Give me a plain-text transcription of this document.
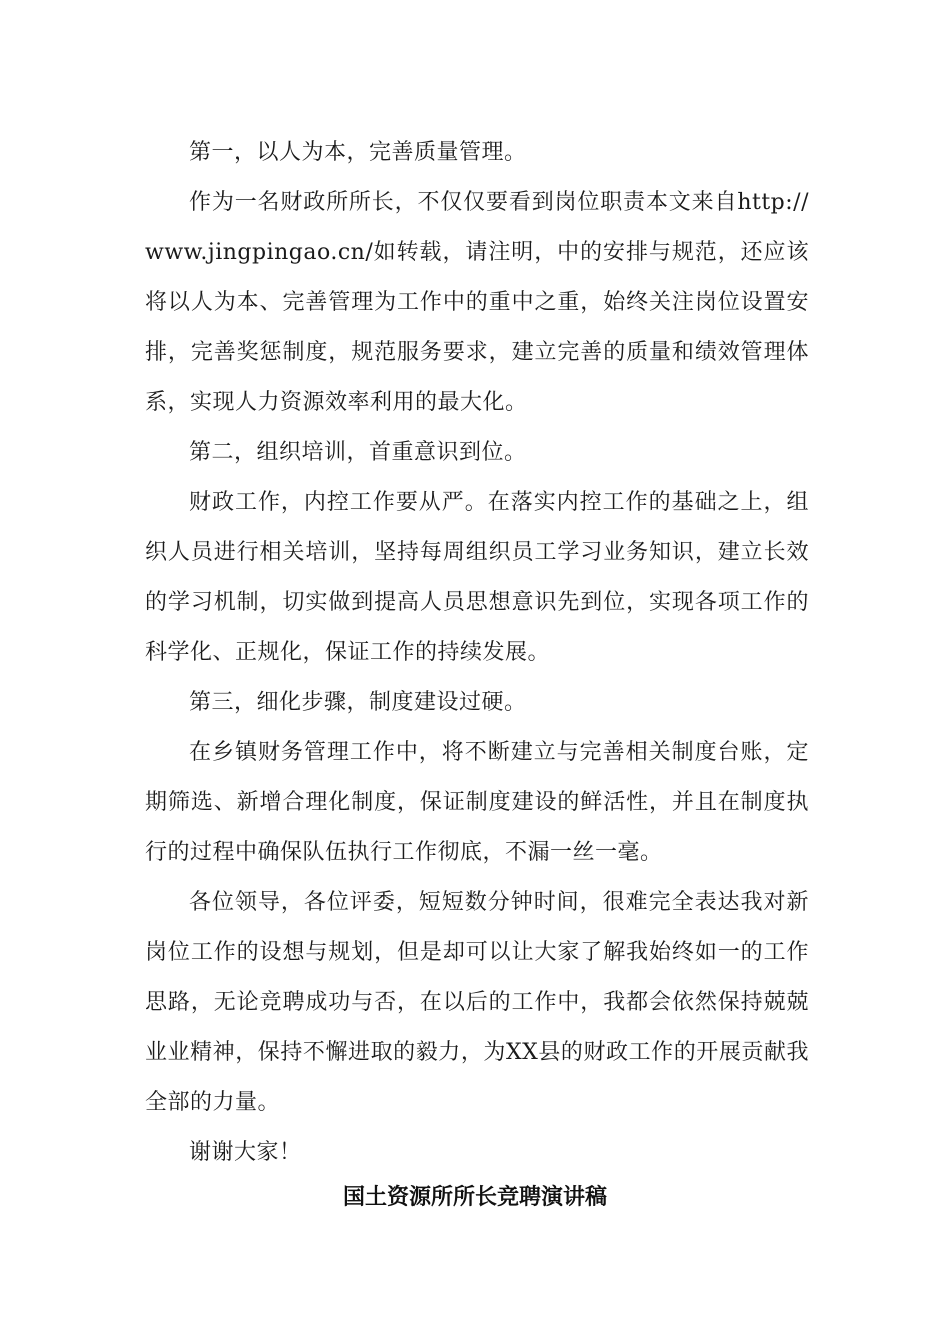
第一，以人为本，完善质量管理。

作为一名财政所所长，不仅仅要看到岗位职责本文来自http://www.jingpingao.cn/如转载，请注明，中的安排与规范，还应该将以人为本、完善管理为工作中的重中之重，始终关注岗位设置安排，完善奖惩制度，规范服务要求，建立完善的质量和绩效管理体系，实现人力资源效率利用的最大化。

第二，组织培训，首重意识到位。

财政工作，内控工作要从严。在落实内控工作的基础之上，组织人员进行相关培训，坚持每周组织员工学习业务知识，建立长效的学习机制，切实做到提高人员思想意识先到位，实现各项工作的科学化、正规化，保证工作的持续发展。

第三，细化步骤，制度建设过硬。

在乡镇财务管理工作中，将不断建立与完善相关制度台账，定期筛选、新增合理化制度，保证制度建设的鲜活性，并且在制度执行的过程中确保队伍执行工作彻底，不漏一丝一毫。

各位领导，各位评委，短短数分钟时间，很难完全表达我对新岗位工作的设想与规划，但是却可以让大家了解我始终如一的工作思路，无论竞聘成功与否，在以后的工作中，我都会依然保持兢兢业业精神，保持不懈进取的毅力，为XX县的财政工作的开展贡献我全部的力量。

谢谢大家！

国土资源所所长竞聘演讲稿
